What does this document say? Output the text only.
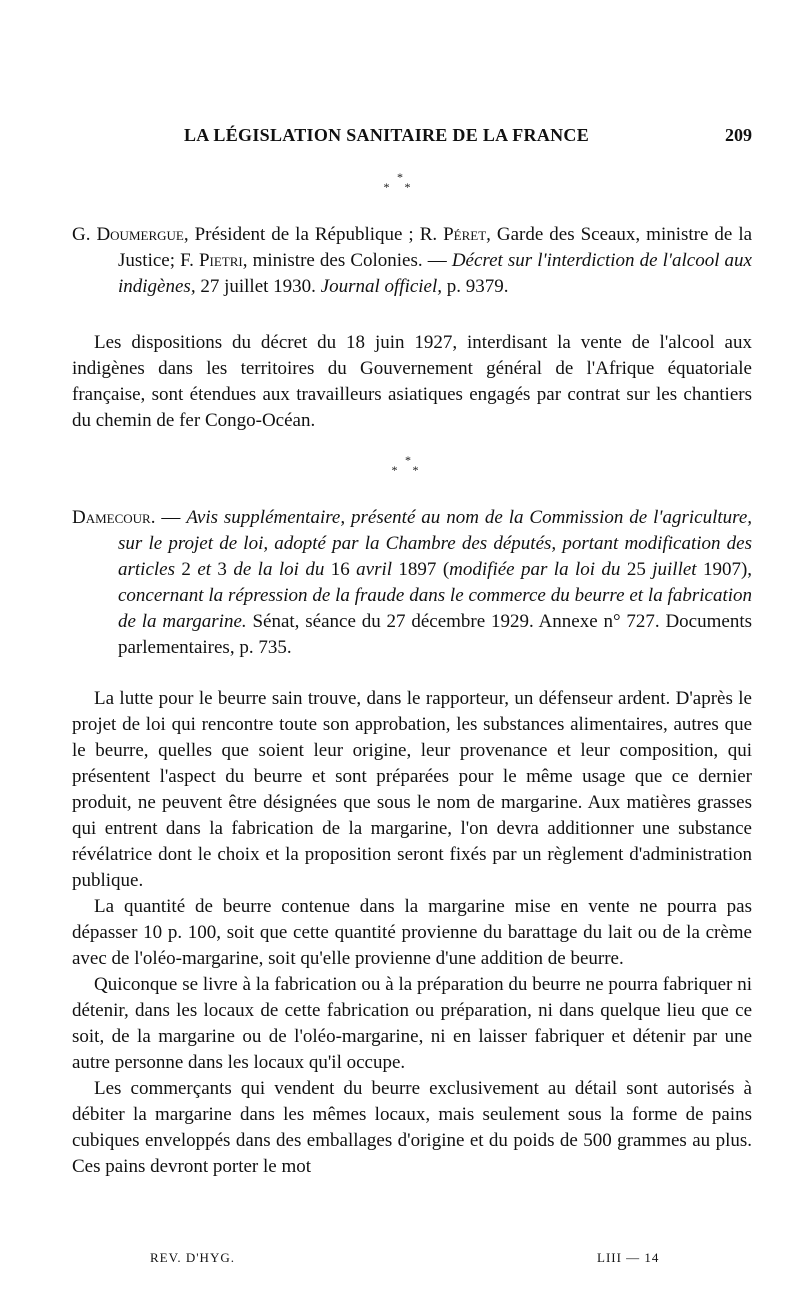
LA LÉGISLATION SANITAIRE DE LA FRANCE	209
*
* *

G. Doumergue, Président de la République ; R. Péret, Garde des Sceaux, ministre de la Justice; F. Pietri, ministre des Colonies. — Décret sur l'interdiction de l'alcool aux indigènes, 27 juillet 1930. Journal officiel, p. 9379.

Les dispositions du décret du 18 juin 1927, interdisant la vente de l'alcool aux indigènes dans les territoires du Gouvernement général de l'Afrique équatoriale française, sont étendues aux travailleurs asiatiques engagés par contrat sur les chantiers du chemin de fer Congo-Océan.

*
* *

Damecour. — Avis supplémentaire, présenté au nom de la Commission de l'agriculture, sur le projet de loi, adopté par la Chambre des députés, portant modification des articles 2 et 3 de la loi du 16 avril 1897 (modifiée par la loi du 25 juillet 1907), concernant la répression de la fraude dans le commerce du beurre et la fabrication de la margarine. Sénat, séance du 27 décembre 1929. Annexe n° 727. Documents parlementaires, p. 735.

La lutte pour le beurre sain trouve, dans le rapporteur, un défenseur ardent. D'après le projet de loi qui rencontre toute son approbation, les substances alimentaires, autres que le beurre, quelles que soient leur origine, leur provenance et leur composition, qui présentent l'aspect du beurre et sont préparées pour le même usage que ce dernier produit, ne peuvent être désignées que sous le nom de margarine. Aux matières grasses qui entrent dans la fabrication de la margarine, l'on devra additionner une substance révélatrice dont le choix et la proposition seront fixés par un règlement d'administration publique.

La quantité de beurre contenue dans la margarine mise en vente ne pourra pas dépasser 10 p. 100, soit que cette quantité provienne du barattage du lait ou de la crème avec de l'oléo-margarine, soit qu'elle provienne d'une addition de beurre.

Quiconque se livre à la fabrication ou à la préparation du beurre ne pourra fabriquer ni détenir, dans les locaux de cette fabrication ou préparation, ni dans quelque lieu que ce soit, de la margarine ou de l'oléo-margarine, ni en laisser fabriquer et détenir par une autre personne dans les locaux qu'il occupe.

Les commerçants qui vendent du beurre exclusivement au détail sont autorisés à débiter la margarine dans les mêmes locaux, mais seulement sous la forme de pains cubiques enveloppés dans des emballages d'origine et du poids de 500 grammes au plus. Ces pains devront porter le mot

REV. D'HYG.	LIII — 14
